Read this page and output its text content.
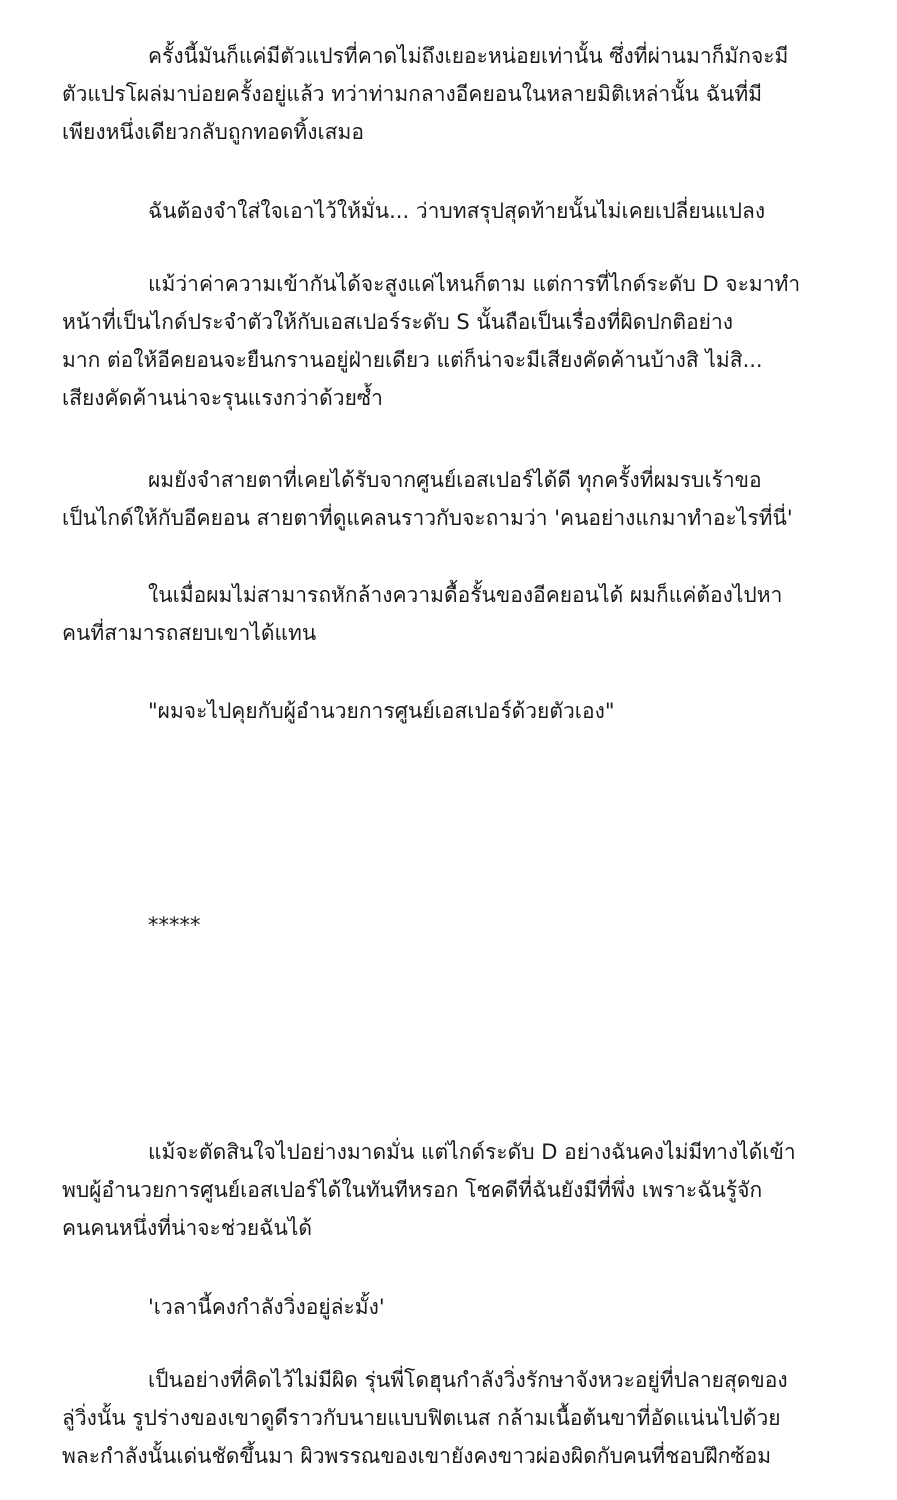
ครั้งนี้มันก็แค่มีตัวแปรที่คาดไม่ถึงเยอะหน่อยเท่านั้น ซึ่งที่ผ่านมาก็มักจะมี
ตัวแปรโผล่มาบ่อยครั้งอยู่แล้ว ทว่าท่ามกลางอีคยอนในหลายมิติเหล่านั้น ฉันที่มี
เพียงหนึ่งเดียวกลับถูกทอดทิ้งเสมอ
ฉันต้องจำใส่ใจเอาไว้ให้มั่น... ว่าบทสรุปสุดท้ายนั้นไม่เคยเปลี่ยนแปลง
แม้ว่าค่าความเข้ากันได้จะสูงแค่ไหนก็ตาม แต่การที่ไกด์ระดับ D จะมาทำ
หน้าที่เป็นไกด์ประจำตัวให้กับเอสเปอร์ระดับ S นั้นถือเป็นเรื่องที่ผิดปกติอย่าง
มาก ต่อให้อีคยอนจะยืนกรานอยู่ฝ่ายเดียว แต่ก็น่าจะมีเสียงคัดค้านบ้างสิ ไม่สิ...
เสียงคัดค้านน่าจะรุนแรงกว่าด้วยซ้ำ
ผมยังจำสายตาที่เคยได้รับจากศูนย์เอสเปอร์ได้ดี ทุกครั้งที่ผมรบเร้าขอ
เป็นไกด์ให้กับอีคยอน สายตาที่ดูแคลนราวกับจะถามว่า 'คนอย่างแกมาทำอะไรที่นี่'
ในเมื่อผมไม่สามารถหักล้างความดื้อรั้นของอีคยอนได้ ผมก็แค่ต้องไปหา
คนที่สามารถสยบเขาได้แทน
"ผมจะไปคุยกับผู้อำนวยการศูนย์เอสเปอร์ด้วยตัวเอง"
*****
แม้จะตัดสินใจไปอย่างมาดมั่น แต่ไกด์ระดับ D อย่างฉันคงไม่มีทางได้เข้า
พบผู้อำนวยการศูนย์เอสเปอร์ได้ในทันทีหรอก โชคดีที่ฉันยังมีที่พึ่ง เพราะฉันรู้จัก
คนคนหนึ่งที่น่าจะช่วยฉันได้
'เวลานี้คงกำลังวิ่งอยู่ล่ะมั้ง'
เป็นอย่างที่คิดไว้ไม่มีผิด รุ่นพี่โดฮุนกำลังวิ่งรักษาจังหวะอยู่ที่ปลายสุดของ
ลู่วิ่งนั้น รูปร่างของเขาดูดีราวกับนายแบบฟิตเนส กล้ามเนื้อต้นขาที่อัดแน่นไปด้วย
พละกำลังนั้นเด่นชัดขึ้นมา ผิวพรรณของเขายังคงขาวผ่องผิดกับคนที่ชอบฝึกซ้อม
